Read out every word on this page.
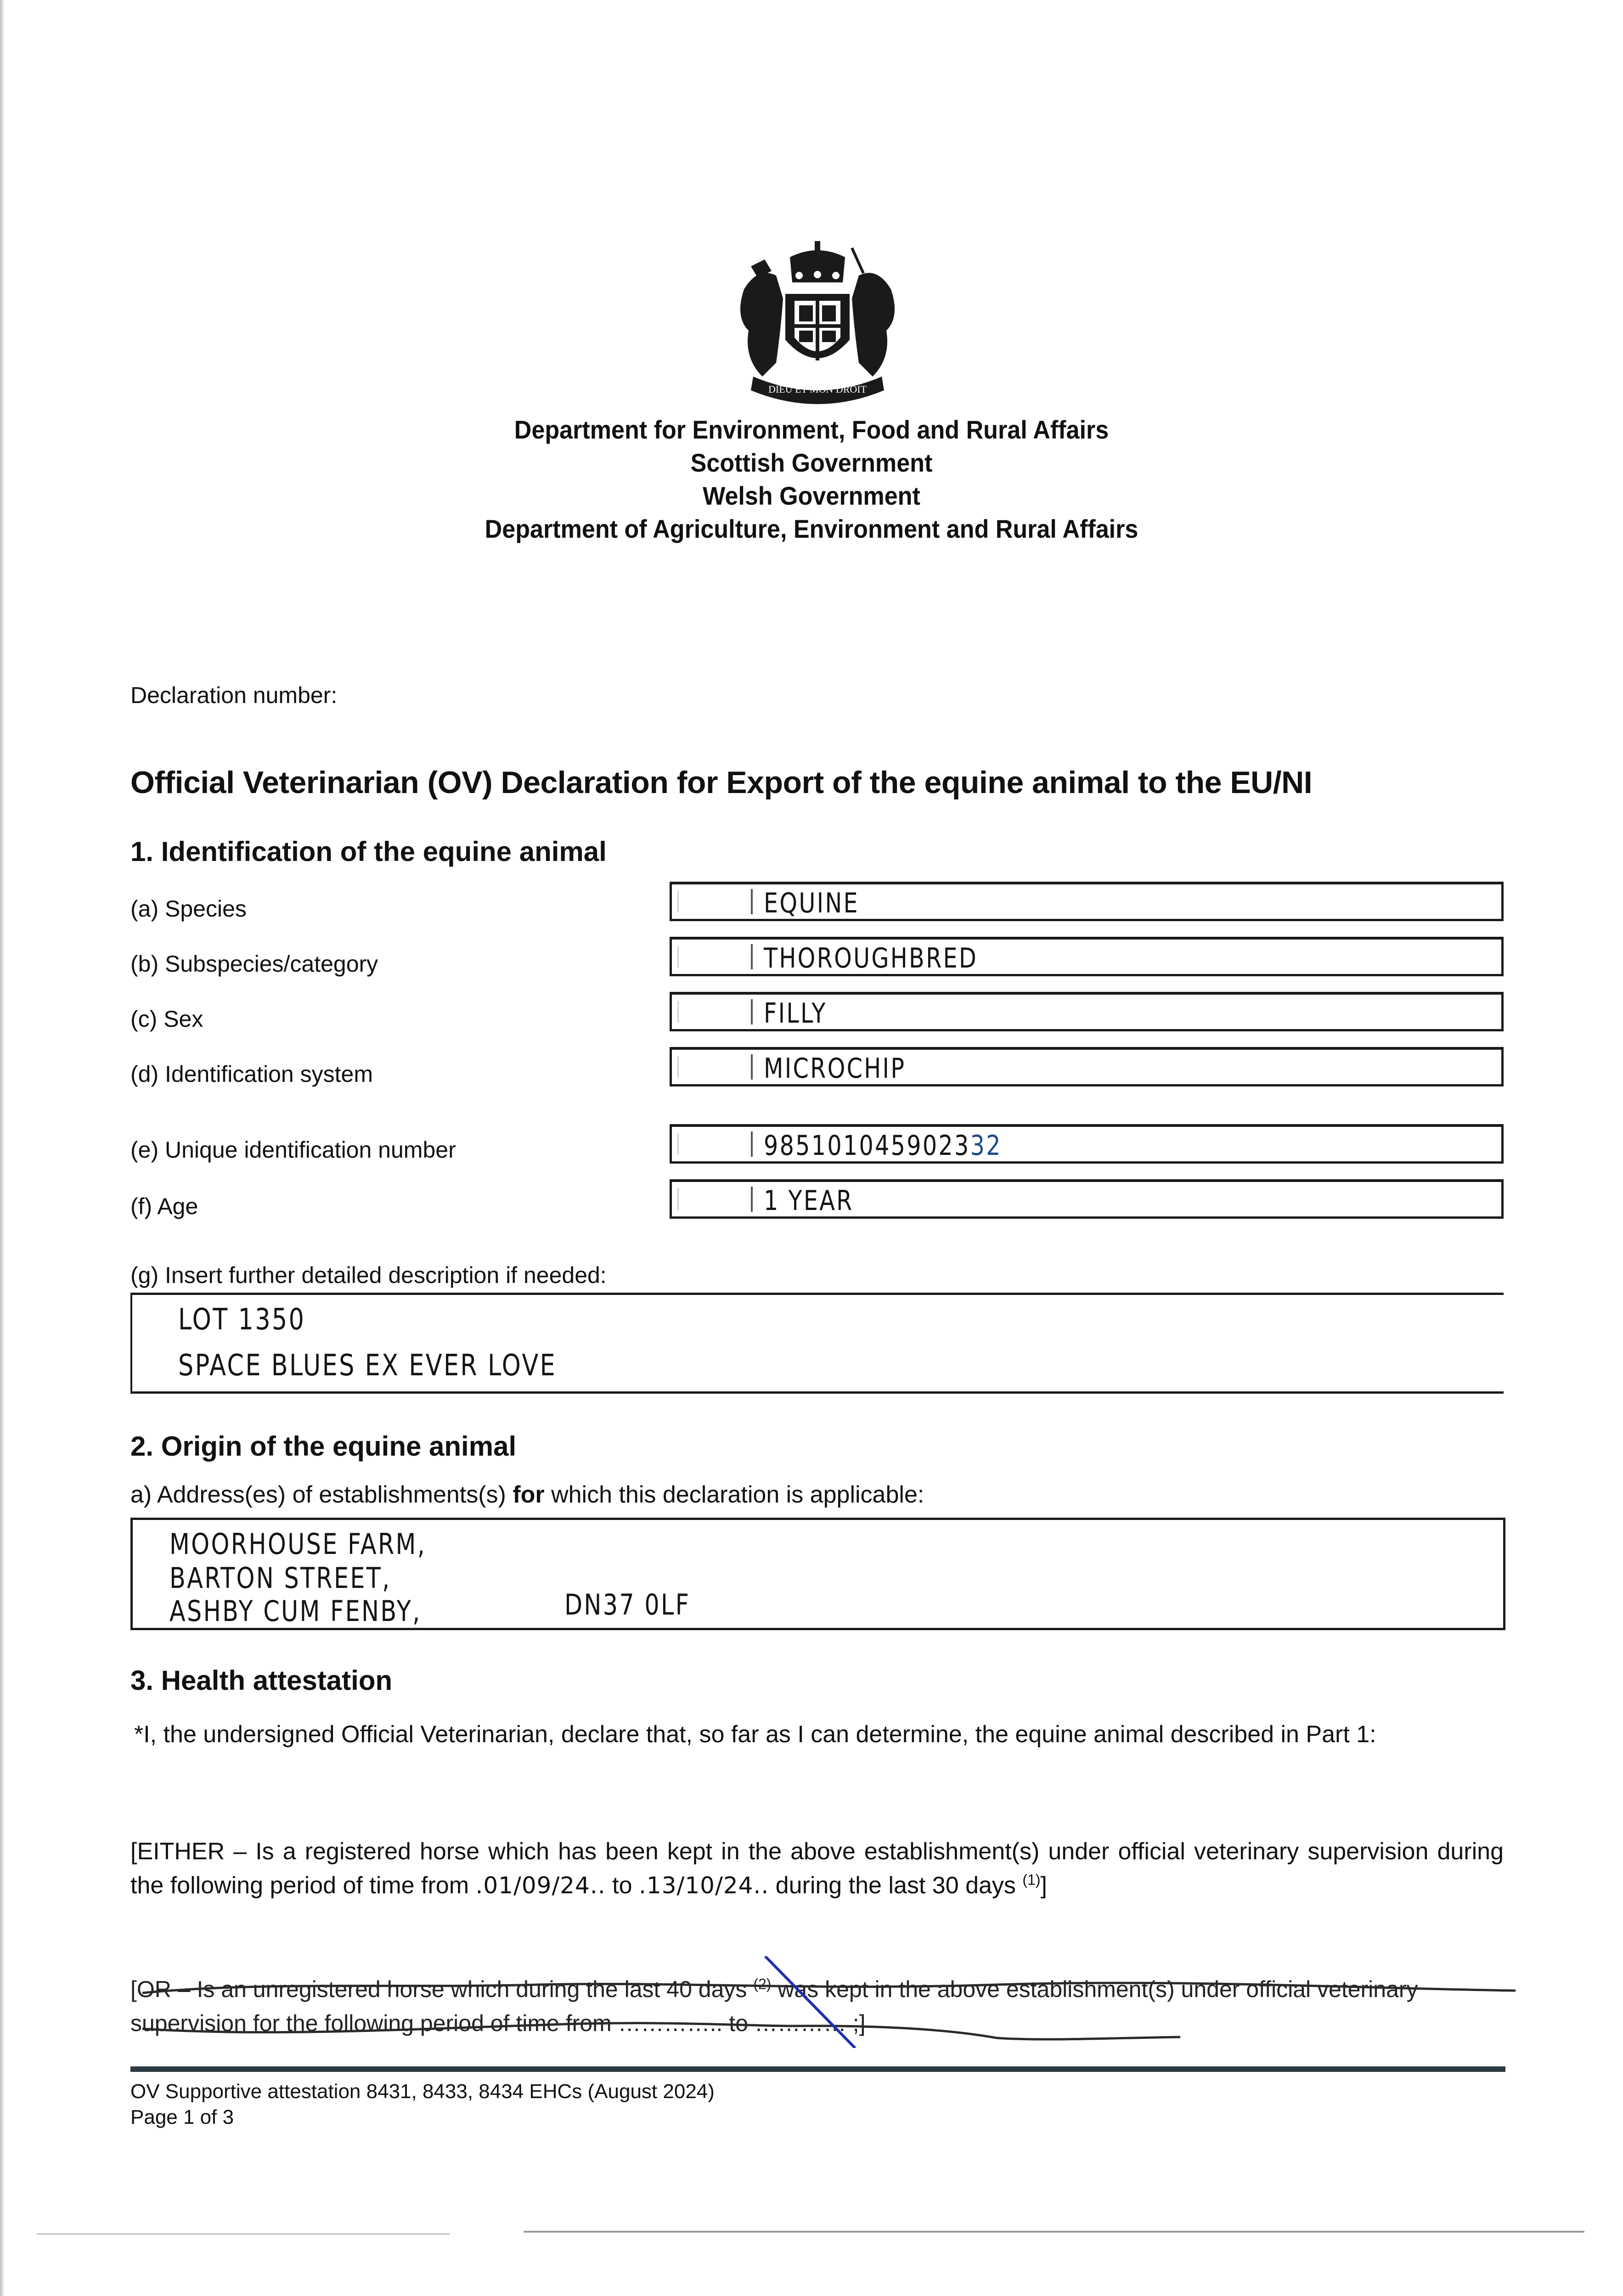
DIEU ET MON DROIT
Department for Environment, Food and Rural Affairs
Scottish Government
Welsh Government
Department of Agriculture, Environment and Rural Affairs
Declaration number:
Official Veterinarian (OV) Declaration for Export of the equine animal to the EU/NI
1. Identification of the equine animal
(a) Species	EQUINE
(b) Subspecies/category	THOROUGHBRED
(c) Sex	FILLY
(d) Identification system	MICROCHIP
(e) Unique identification number	985101045902332
(f) Age	1 YEAR
(g) Insert further detailed description if needed:
LOT 1350
SPACE BLUES EX EVER LOVE
2. Origin of the equine animal
a) Address(es) of establishments(s) for which this declaration is applicable:
MOORHOUSE FARM,
BARTON STREET,
ASHBY CUM FENBY,	DN37 0LF
3. Health attestation
*I, the undersigned Official Veterinarian, declare that, so far as I can determine, the equine animal described in Part 1:
[EITHER – Is a registered horse which has been kept in the above establishment(s) under official veterinary supervision during the following period of time from .01/09/24.. to .13/10/24.. during the last 30 days $^{(1)}$]
[OR – Is an unregistered horse which during the last 40 days $^{(2)}$ was kept in the above establishment(s) under official veterinary supervision for the following period of time from ………….. to ………… ;]
OV Supportive attestation 8431, 8433, 8434 EHCs (August 2024)
Page 1 of 3
